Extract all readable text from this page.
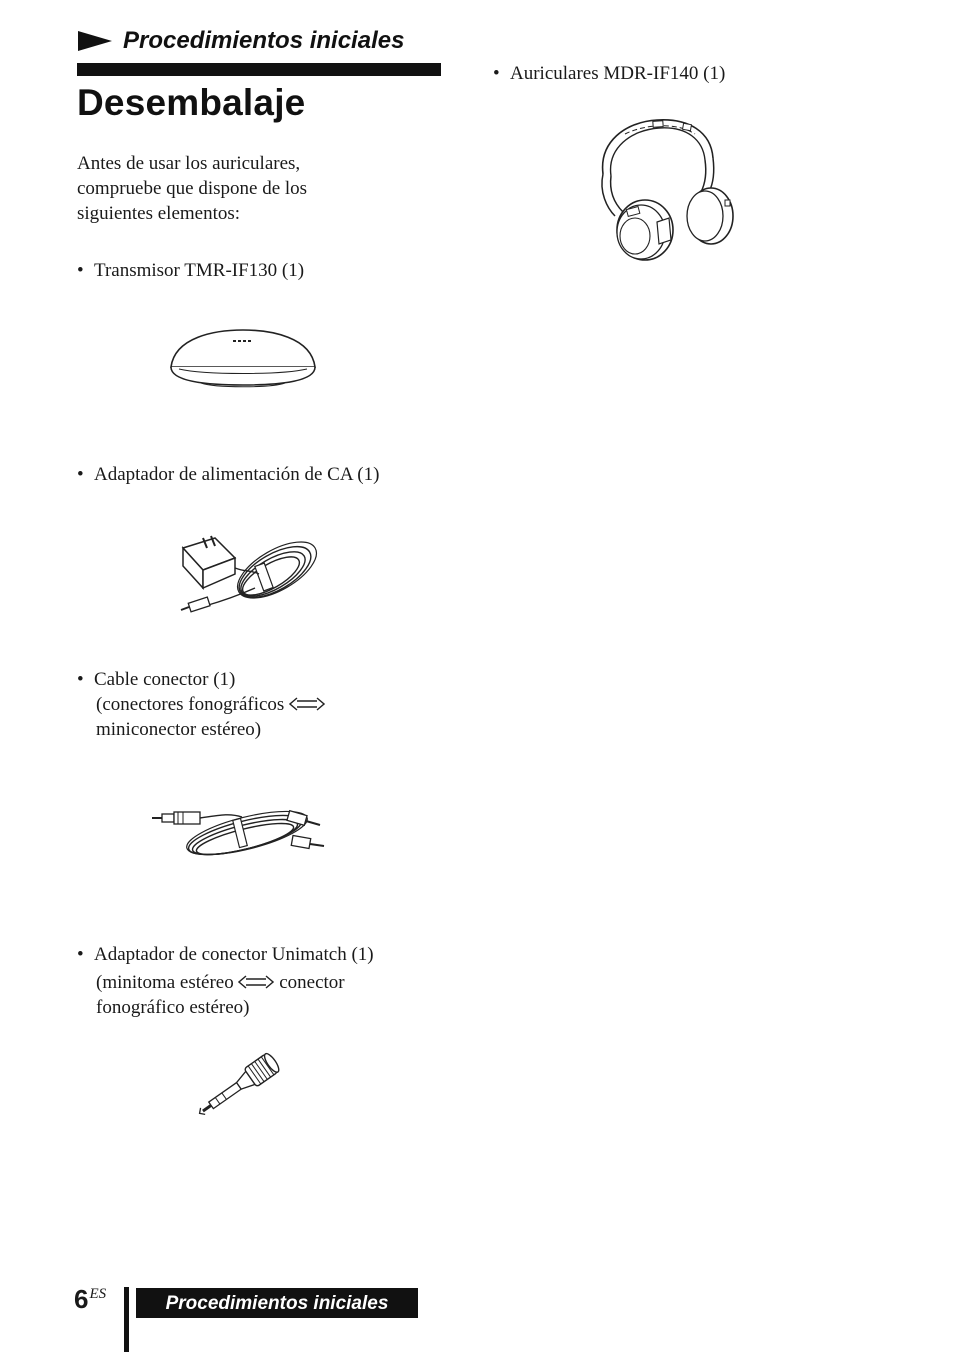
Procedimientos iniciales
Desembalaje
Antes de usar los auriculares,
compruebe que dispone de los
siguientes elementos:
• Transmisor TMR-IF130 (1)
• Adaptador de alimentación de CA (1)
• Cable conector (1)
(conectores fonográficos
miniconector estéreo)
• Adaptador de conector Unimatch (1)
(minitoma estéreo conector
fonográfico estéreo)
• Auriculares MDR-IF140 (1)
$6^{ES}$	Procedimientos iniciales
